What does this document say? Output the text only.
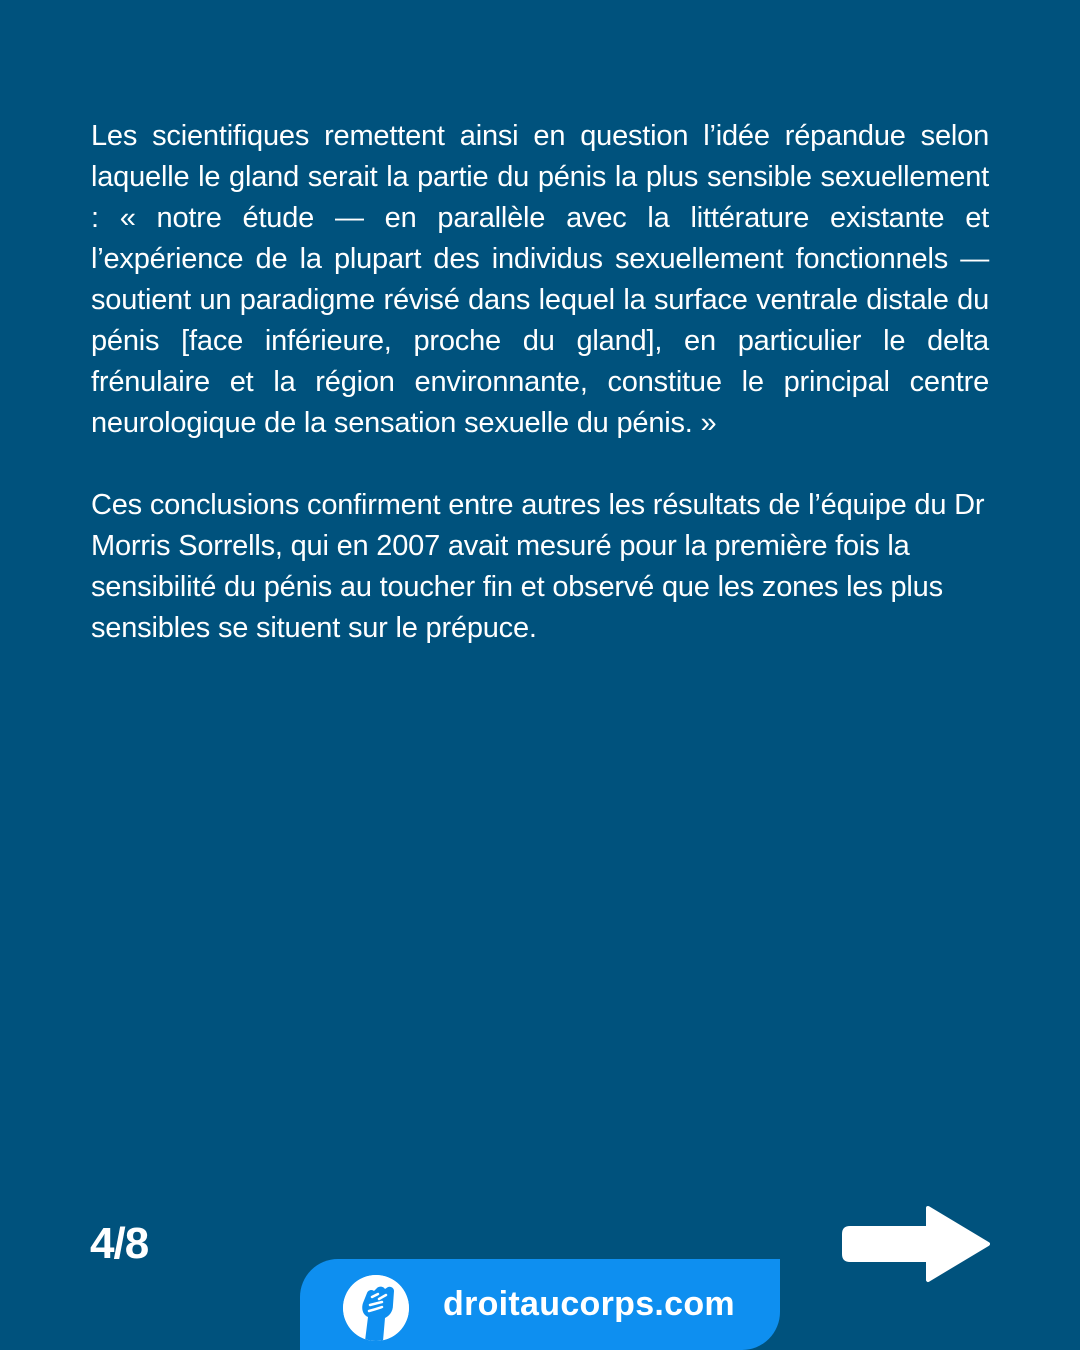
Les scientifiques remettent ainsi en question l’idée répandue selon laquelle le gland serait la partie du pénis la plus sensible sexuellement : « notre étude — en parallèle avec la littérature existante et l’expérience de la plupart des individus sexuellement fonctionnels — soutient un paradigme révisé dans lequel la surface ventrale distale du pénis [face inférieure, proche du gland], en particulier le delta frénulaire et la région environnante, constitue le principal centre neurologique de la sensation sexuelle du pénis. »

Ces conclusions confirment entre autres les résultats de l’équipe du Dr Morris Sorrells, qui en 2007 avait mesuré pour la première fois la sensibilité du pénis au toucher fin et observé que les zones les plus sensibles se situent sur le prépuce.

4/8
droitaucorps.com
